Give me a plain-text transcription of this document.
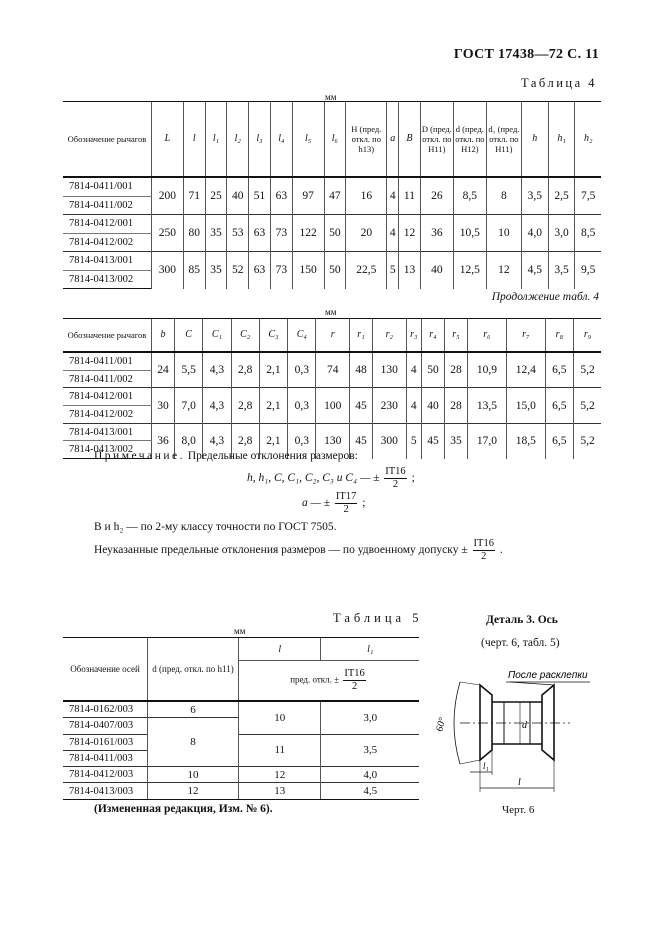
ГОСТ 17438—72 С. 11
Таблица 4
мм
Обозначение рычагов	L	l	l₁	l₂	l₃	l₄	l₅	l₆	H (пред. откл. по h13)	a	B	D (пред. откл. по H11)	d (пред. откл. по H12)	d₁ (пред. откл. по H11)	h	h₁	h₂
7814-0411/001	200	71	25	40	51	63	97	47	16	4	11	26	8,5	8	3,5	2,5	7,5
7814-0411/002																	
7814-0412/001	250	80	35	53	63	73	122	50	20	4	12	36	10,5	10	4,0	3,0	8,5
7814-0412/002																	
7814-0413/001	300	85	35	52	63	73	150	50	22,5	5	13	40	12,5	12	4,5	3,5	9,5
7814-0413/002																	
Продолжение табл. 4
мм
Обозначение рычагов	b	C	C₁	C₂	C₃	C₄	r	r₁	r₂	r₃	r₄	r₅	r₆	r₇	r₈	r₉
7814-0411/001	24	5,5	4,3	2,8	2,1	0,3	74	48	130	4	50	28	10,9	12,4	6,5	5,2
7814-0411/002																
7814-0412/001	30	7,0	4,3	2,8	2,1	0,3	100	45	230	4	40	28	13,5	15,0	6,5	5,2
7814-0412/002																
7814-0413/001	36	8,0	4,3	2,8	2,1	0,3	130	45	300	5	45	35	17,0	18,5	6,5	5,2
7814-0413/002																
Примечание. Предельные отклонения размеров:
h, h₁, C, C₁, C₂, C₃ и C₄ — ± $\frac{IT16}{2}$ ;
a — ± $\frac{IT17}{2}$ ;
B и h₂ — по 2-му классу точности по ГОСТ 7505.
Неуказанные предельные отклонения размеров — по удвоенному допуску ± $\frac{IT16}{2}$ .
Таблица 5
мм
Обозначение осей	d (пред. откл. по h11)	l	l₁
		пред. откл. ± $\frac{IT16}{2}$

7814-0162/003	6	10	3,0
7814-0407/003	8		
7814-0161/003		11	3,5
7814-0411/003			
7814-0412/003	10	12	4,0
7814-0413/003	12	13	4,5
(Измененная редакция, Изм. № 6).
Деталь 3. Ось
(черт. 6, табл. 5)
Черт. 6
После расклепки
60°	d
l₁
l
